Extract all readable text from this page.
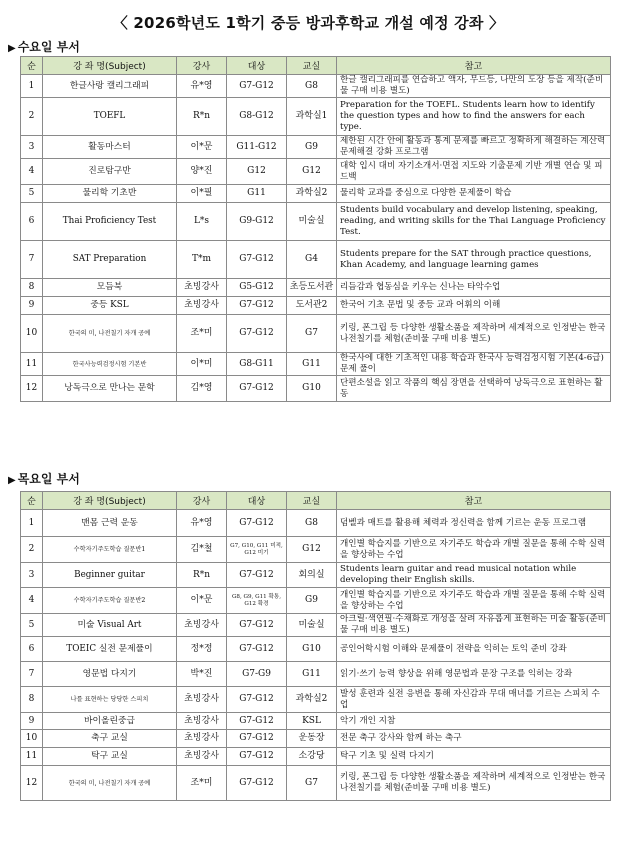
〈 2026학년도 1학기 중등 방과후학교 개설 예정 강좌 〉
▶ 수요일 부서
순	강 좌 명(Subject)	강사	대상	교실	참고
1	한글사랑 캘리그래피	유*영	G7-G12	G8	한글 캘리그래피를 연습하고 액자, 무드등, 나만의 도장 등을 제작(준비물 구매 비용 별도)
2	TOEFL	R*n	G8-G12	과학실1	Preparation for the TOEFL. Students learn how to identify the question types and how to find the answers for each type.
3	활동마스터	이*문	G11-G12	G9	제한된 시간 안에 활동과 통계 문제를 빠르고 정확하게 해결하는 계산력 문제해결 강화 프로그램
4	진로탐구반	양*진	G12	G12	대학 입시 대비 자기소개서·면접 지도와 기출문제 기반 개별 연습 및 피드백
5	물리학 기초반	이*필	G11	과학실2	물리학 교과를 중심으로 다양한 문제풀이 학습
6	Thai Proficiency Test	L*s	G9-G12	미술실	Students build vocabulary and develop listening, speaking, reading, and writing skills for the Thai Language Proficiency Test.
7	SAT Preparation	T*m	G7-G12	G4	Students prepare for the SAT through practice questions, Khan Academy, and language learning games
8	모듬북	초빙강사	G5-G12	초등도서관	리듬감과 협동심을 키우는 신나는 타악수업
9	중등 KSL	초빙강사	G7-G12	도서관2	한국어 기초 문법 및 중등 교과 어휘의 이해
10	한국의 미, 나전칠기 자개 공예	조*미	G7-G12	G7	키링, 폰그립 등 다양한 생활소품을 제작하며 세계적으로 인정받는 한국 나전칠기를 체험(준비물 구매 비용 별도)
11	한국사능력검정시험 기본반	이*미	G8-G11	G11	한국사에 대한 기초적인 내용 학습과 한국사 능력검정시험 기본(4-6급) 문제 풀이
12	낭독극으로 만나는 문학	김*영	G7-G12	G10	단편소설을 읽고 작품의 핵심 장면을 선택하여 낭독극으로 표현하는 활동
▶ 목요일 부서
순	강 좌 명(Subject)	강사	대상	교실	참고
1	맨몸 근력 운동	유*영	G7-G12	G8	덤벨과 매트를 활용해 체력과 정신력을 함께 기르는 운동 프로그램
2	수학자기주도학습 질문반1	김*철	G7, G10, G11 미적, G12 미기	G12	개인별 학습지를 기반으로 자기주도 학습과 개별 질문을 통해 수학 실력을 향상하는 수업
3	Beginner guitar	R*n	G7-G12	회의실	Students learn guitar and read musical notation while developing their English skills.
4	수학자기주도학습 질문반2	이*문	G8, G9, G11 확통, G12 확경	G9	개인별 학습지를 기반으로 자기주도 학습과 개별 질문을 통해 수학 실력을 향상하는 수업
5	미술 Visual Art	초빙강사	G7-G12	미술실	아크릴·색연필·수채화로 개성을 살려 자유롭게 표현하는 미술 활동(준비물 구매 비용 별도)
6	TOEIC 실전 문제풀이	정*정	G7-G12	G10	공인어학시험 이해와 문제풀이 전략을 익히는 토익 준비 강좌
7	영문법 다지기	박*진	G7-G9	G11	읽기·쓰기 능력 향상을 위해 영문법과 문장 구조를 익히는 강좌
8	나를 표현하는 당당한 스피치	초빙강사	G7-G12	과학실2	발성 훈련과 실전 응변을 통해 자신감과 무대 매너를 기르는 스피치 수업
9	바이올린중급	초빙강사	G7-G12	KSL	악기 개인 지참
10	축구 교실	초빙강사	G7-G12	운동장	전문 축구 강사와 함께 하는 축구
11	탁구 교실	초빙강사	G7-G12	소강당	탁구 기초 및 실력 다지기
12	한국의 미, 나전칠기 자개 공예	조*미	G7-G12	G7	키링, 폰그립 등 다양한 생활소품을 제작하며 세계적으로 인정받는 한국 나전칠기를 체험(준비물 구매 비용 별도)
